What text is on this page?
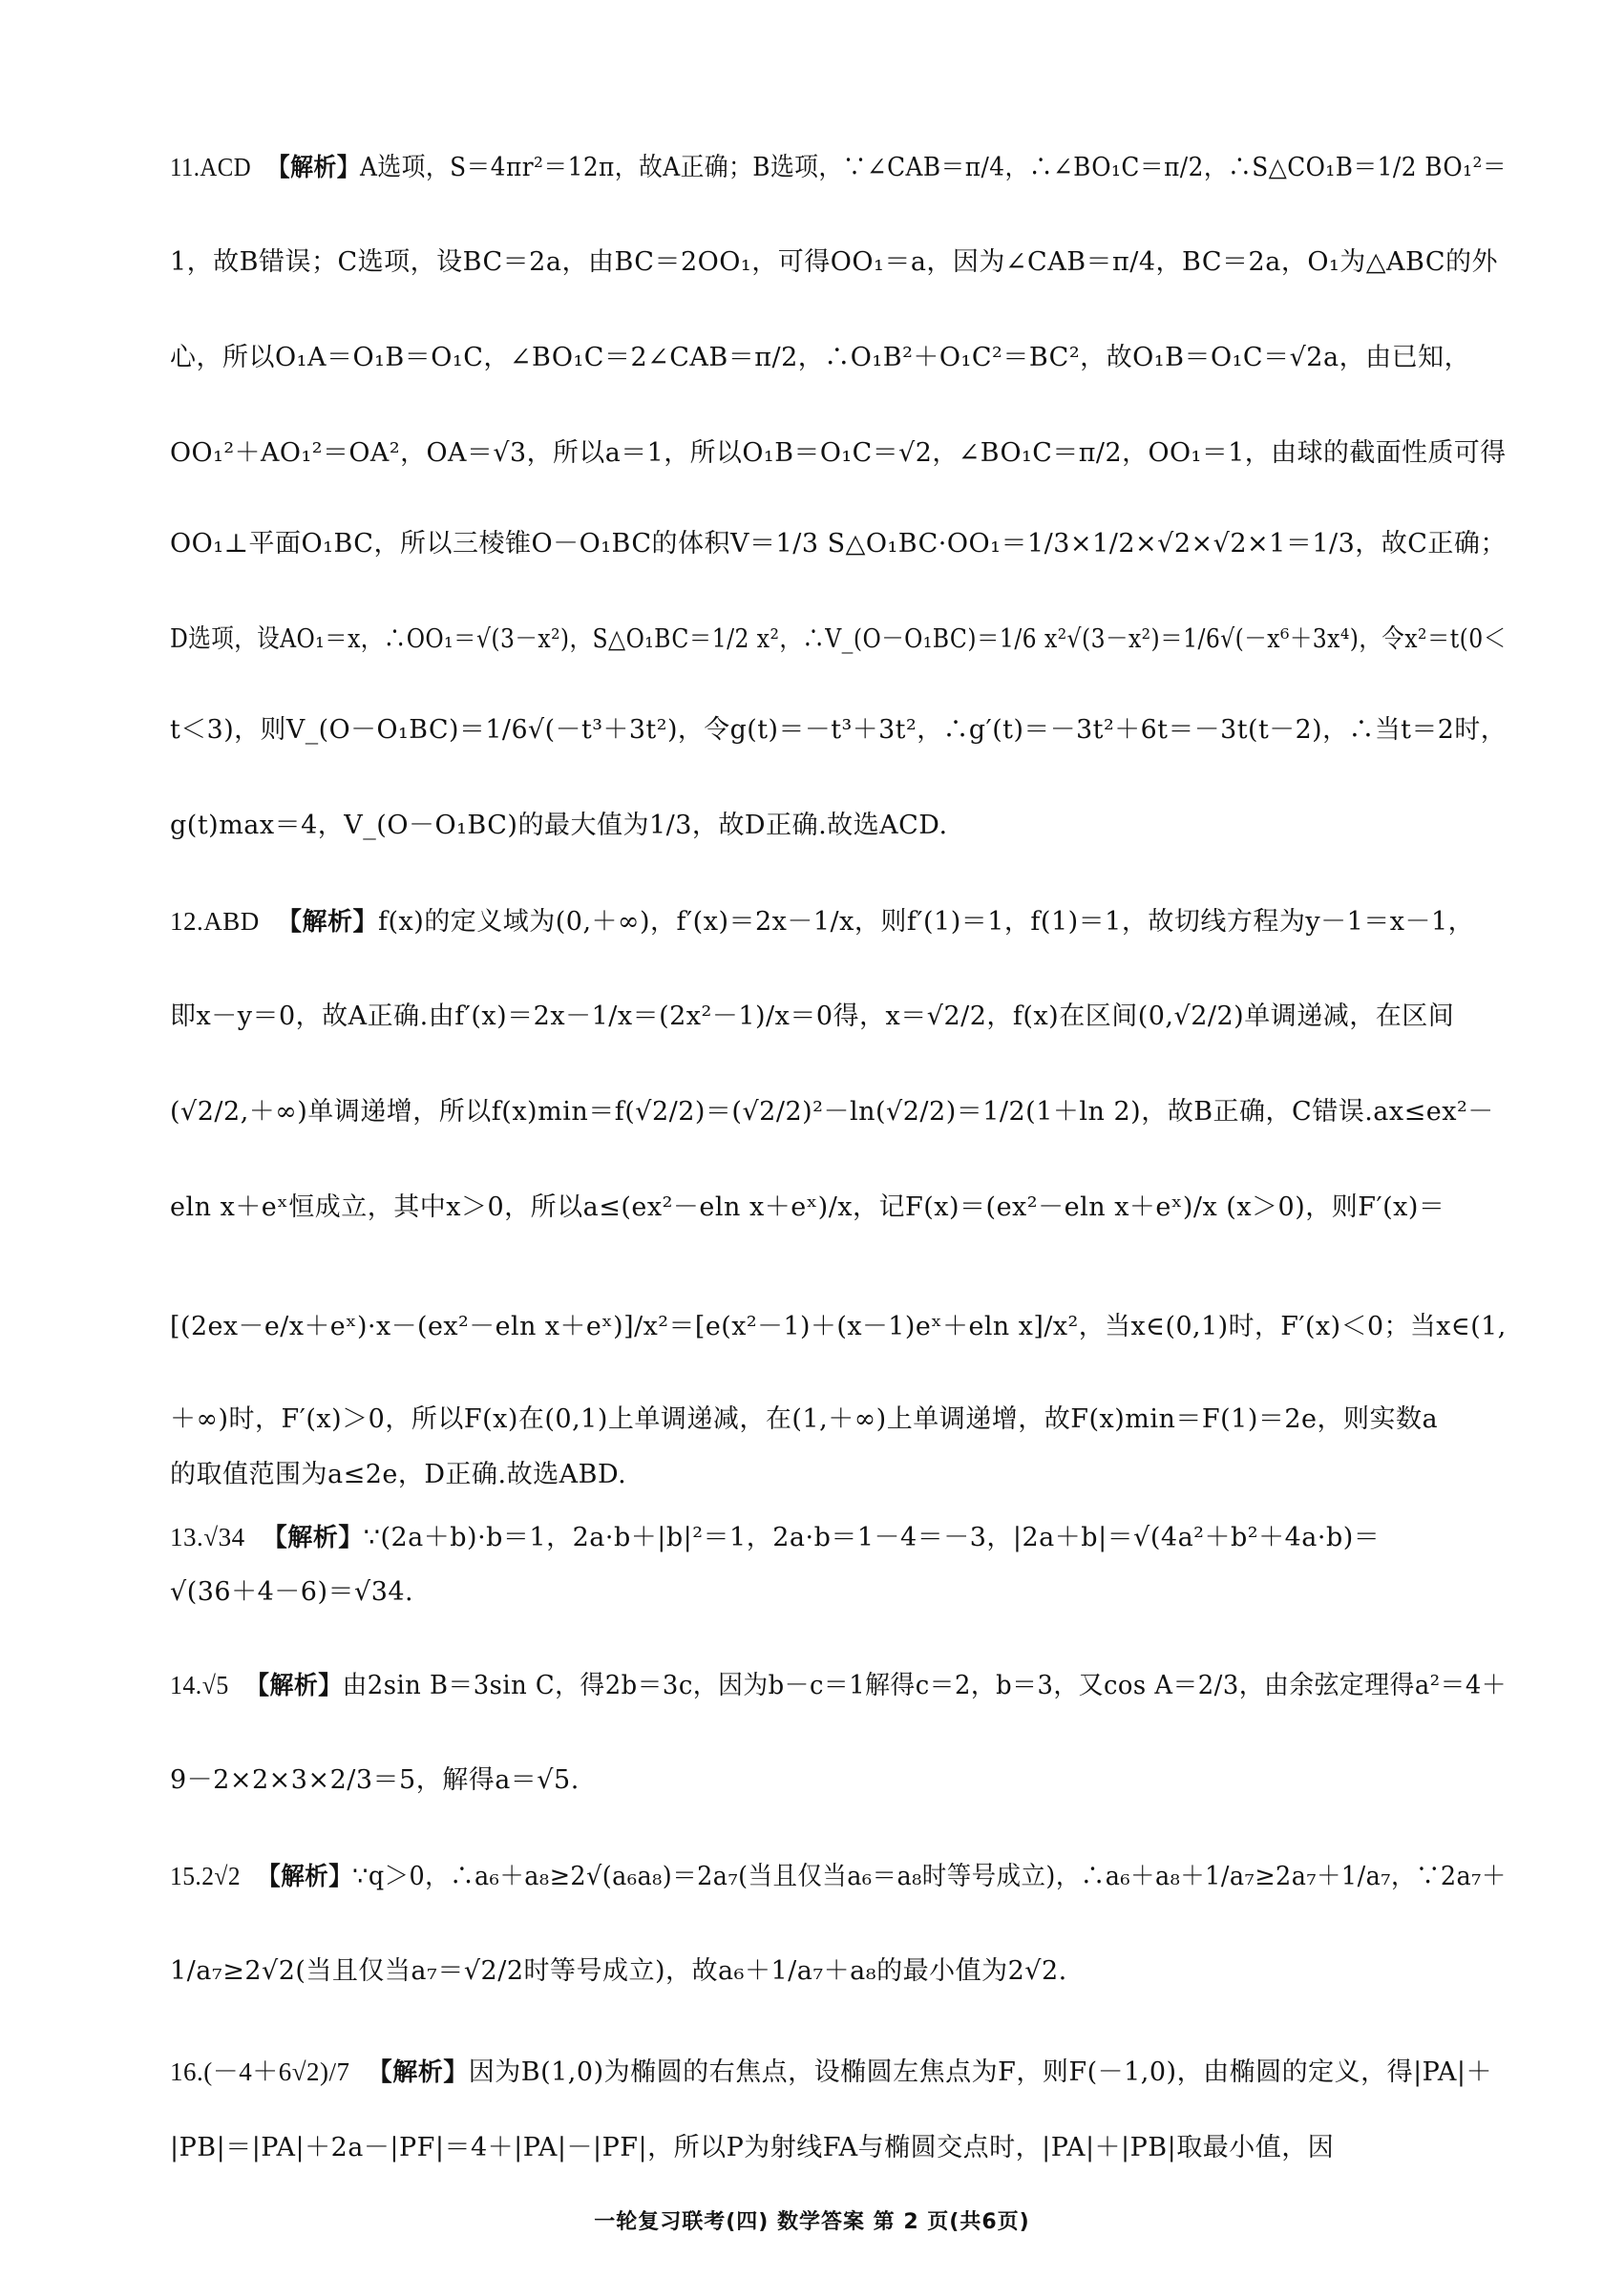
11.ACD 【解析】A选项，S＝4πr²＝12π，故A正确；B选项，∵∠CAB＝π/4，∴∠BO₁C＝π/2，∴S△CO₁B＝1/2 BO₁²＝
1，故B错误；C选项，设BC＝2a，由BC＝2OO₁，可得OO₁＝a，因为∠CAB＝π/4，BC＝2a，O₁为△ABC的外
心，所以O₁A＝O₁B＝O₁C，∠BO₁C＝2∠CAB＝π/2，∴O₁B²＋O₁C²＝BC²，故O₁B＝O₁C＝√2a，由已知，
OO₁²＋AO₁²＝OA²，OA＝√3，所以a＝1，所以O₁B＝O₁C＝√2，∠BO₁C＝π/2，OO₁＝1，由球的截面性质可得
OO₁⊥平面O₁BC，所以三棱锥O－O₁BC的体积V＝1/3 S△O₁BC·OO₁＝1/3×1/2×√2×√2×1＝1/3，故C正确；
D选项，设AO₁＝x，∴OO₁＝√(3－x²)，S△O₁BC＝1/2 x²，∴V_(O－O₁BC)＝1/6 x²√(3－x²)＝1/6√(－x⁶＋3x⁴)，令x²＝t(0＜
t＜3)，则V_(O－O₁BC)＝1/6√(－t³＋3t²)，令g(t)＝－t³＋3t²，∴g′(t)＝－3t²＋6t＝－3t(t－2)，∴当t＝2时，
g(t)max＝4，V_(O－O₁BC)的最大值为1/3，故D正确.故选ACD.
12.ABD 【解析】f(x)的定义域为(0,＋∞)，f′(x)＝2x－1/x，则f′(1)＝1，f(1)＝1，故切线方程为y－1＝x－1，
即x－y＝0，故A正确.由f′(x)＝2x－1/x＝(2x²－1)/x＝0得，x＝√2/2，f(x)在区间(0,√2/2)单调递减，在区间
(√2/2,＋∞)单调递增，所以f(x)min＝f(√2/2)＝(√2/2)²－ln(√2/2)＝1/2(1＋ln 2)，故B正确，C错误.ax≤ex²－
eln x＋eˣ恒成立，其中x＞0，所以a≤(ex²－eln x＋eˣ)/x，记F(x)＝(ex²－eln x＋eˣ)/x (x＞0)，则F′(x)＝
[(2ex－e/x＋eˣ)·x－(ex²－eln x＋eˣ)]/x²＝[e(x²－1)＋(x－1)eˣ＋eln x]/x²，当x∈(0,1)时，F′(x)＜0；当x∈(1,
＋∞)时，F′(x)＞0，所以F(x)在(0,1)上单调递减，在(1,＋∞)上单调递增，故F(x)min＝F(1)＝2e，则实数a
的取值范围为a≤2e，D正确.故选ABD.
13.√34 【解析】∵(2a＋b)·b＝1，2a·b＋|b|²＝1，2a·b＝1－4＝－3，|2a＋b|＝√(4a²＋b²＋4a·b)＝
√(36＋4－6)＝√34.
14.√5 【解析】由2sin B＝3sin C，得2b＝3c，因为b－c＝1解得c＝2，b＝3，又cos A＝2/3，由余弦定理得a²＝4＋
9－2×2×3×2/3＝5，解得a＝√5.
15.2√2 【解析】∵q＞0，∴a₆＋a₈≥2√(a₆a₈)＝2a₇(当且仅当a₆＝a₈时等号成立)，∴a₆＋a₈＋1/a₇≥2a₇＋1/a₇，∵2a₇＋
1/a₇≥2√2(当且仅当a₇＝√2/2时等号成立)，故a₆＋1/a₇＋a₈的最小值为2√2.
16.(－4＋6√2)/7 【解析】因为B(1,0)为椭圆的右焦点，设椭圆左焦点为F，则F(－1,0)，由椭圆的定义，得|PA|＋
|PB|＝|PA|＋2a－|PF|＝4＋|PA|－|PF|，所以P为射线FA与椭圆交点时，|PA|＋|PB|取最小值，因
一轮复习联考(四) 数学答案 第 2 页(共6页)
